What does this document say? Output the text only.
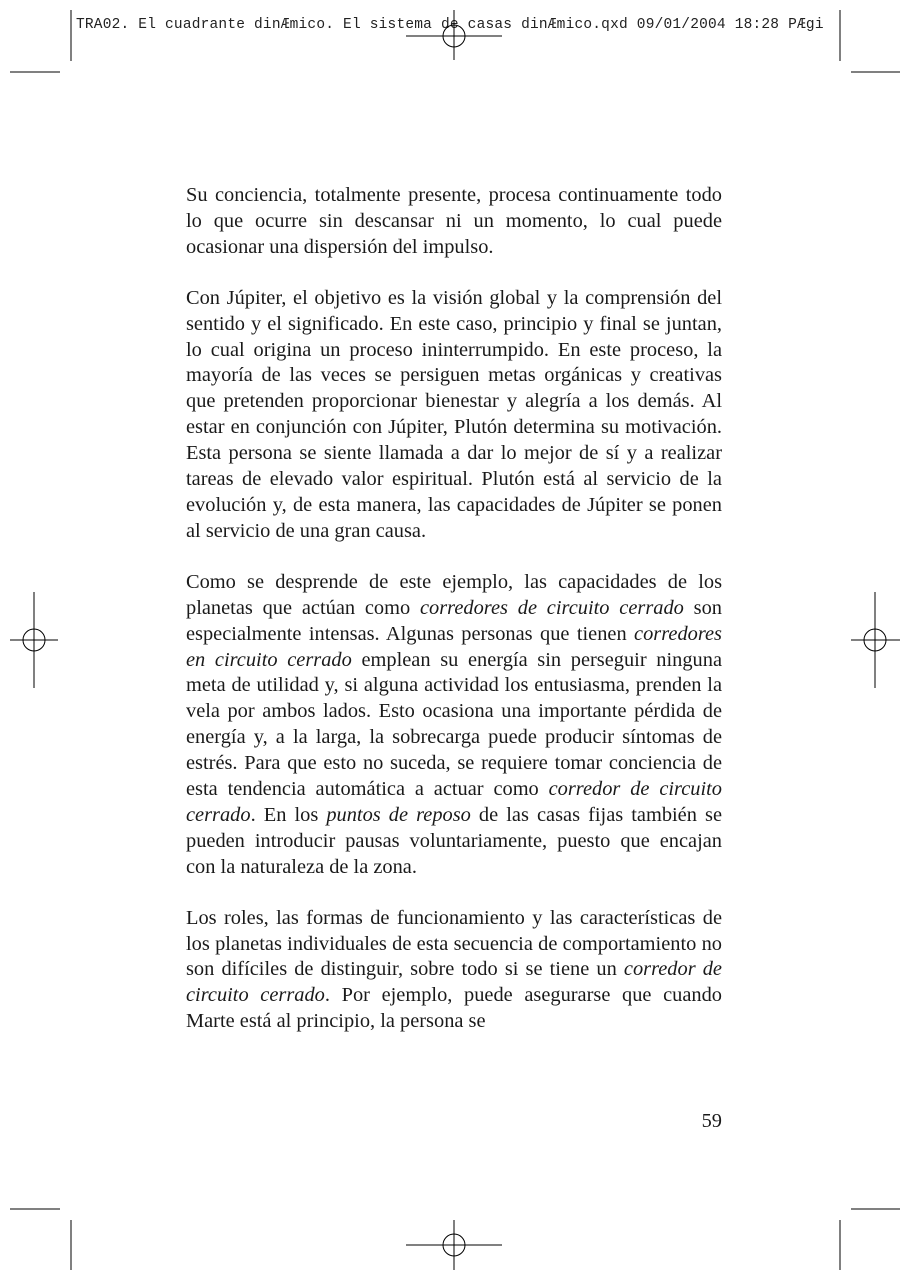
TRA02. El cuadrante dinÆmico. El sistema de casas dinÆmico.qxd 09/01/2004 18:28 PÆgi

Su conciencia, totalmente presente, procesa continuamente todo lo que ocurre sin descansar ni un momento, lo cual puede ocasionar una dispersión del impulso.

Con Júpiter, el objetivo es la visión global y la comprensión del sentido y el significado. En este caso, principio y final se juntan, lo cual origina un proceso ininterrumpido. En este proceso, la mayoría de las veces se persiguen metas orgánicas y creativas que pretenden proporcionar bienestar y alegría a los demás. Al estar en conjunción con Júpiter, Plutón determina su motivación. Esta persona se siente llamada a dar lo mejor de sí y a realizar tareas de elevado valor espiritual. Plutón está al servicio de la evolución y, de esta manera, las capacidades de Júpiter se ponen al servicio de una gran causa.

Como se desprende de este ejemplo, las capacidades de los planetas que actúan como corredores de circuito cerrado son especialmente intensas. Algunas personas que tienen corredores en circuito cerrado emplean su energía sin perseguir ninguna meta de utilidad y, si alguna actividad los entusiasma, prenden la vela por ambos lados. Esto ocasiona una importante pérdida de energía y, a la larga, la sobrecarga puede producir síntomas de estrés. Para que esto no suceda, se requiere tomar conciencia de esta tendencia automática a actuar como corredor de circuito cerrado. En los puntos de reposo de las casas fijas también se pueden introducir pausas voluntariamente, puesto que encajan con la naturaleza de la zona.

Los roles, las formas de funcionamiento y las características de los planetas individuales de esta secuencia de comportamiento no son difíciles de distinguir, sobre todo si se tiene un corredor de circuito cerrado. Por ejemplo, puede asegurarse que cuando Marte está al principio, la persona se

59
